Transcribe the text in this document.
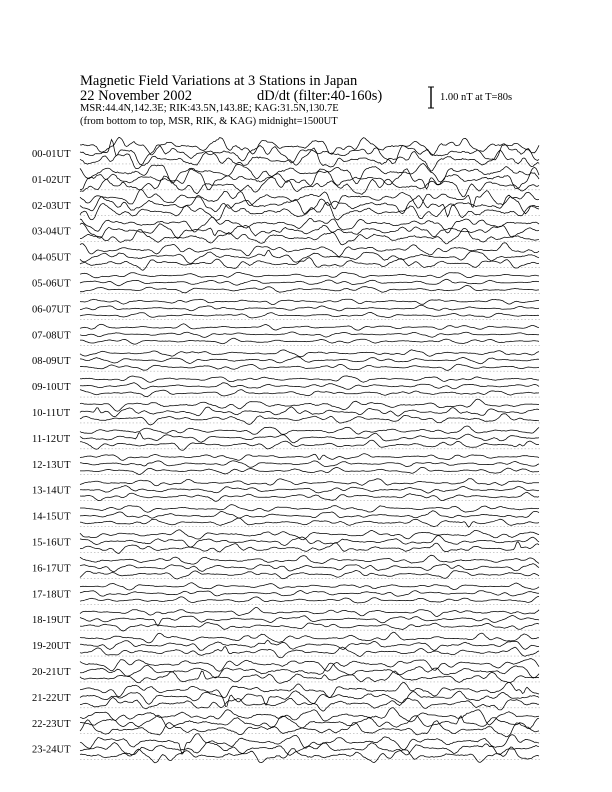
00-01UT
01-02UT
02-03UT
03-04UT
04-05UT
05-06UT
06-07UT
07-08UT
08-09UT
09-10UT
10-11UT
11-12UT
12-13UT
13-14UT
14-15UT
15-16UT
16-17UT
17-18UT
18-19UT
19-20UT
20-21UT
21-22UT
22-23UT
23-24UT
Magnetic Field Variations at 3 Stations in Japan
22 November 2002	dD/dt (filter:40-160s)
MSR:44.4N,142.3E; RIK:43.5N,143.8E; KAG:31.5N,130.7E
(from bottom to top, MSR, RIK, & KAG) midnight=1500UT
1.00 nT at T=80s
